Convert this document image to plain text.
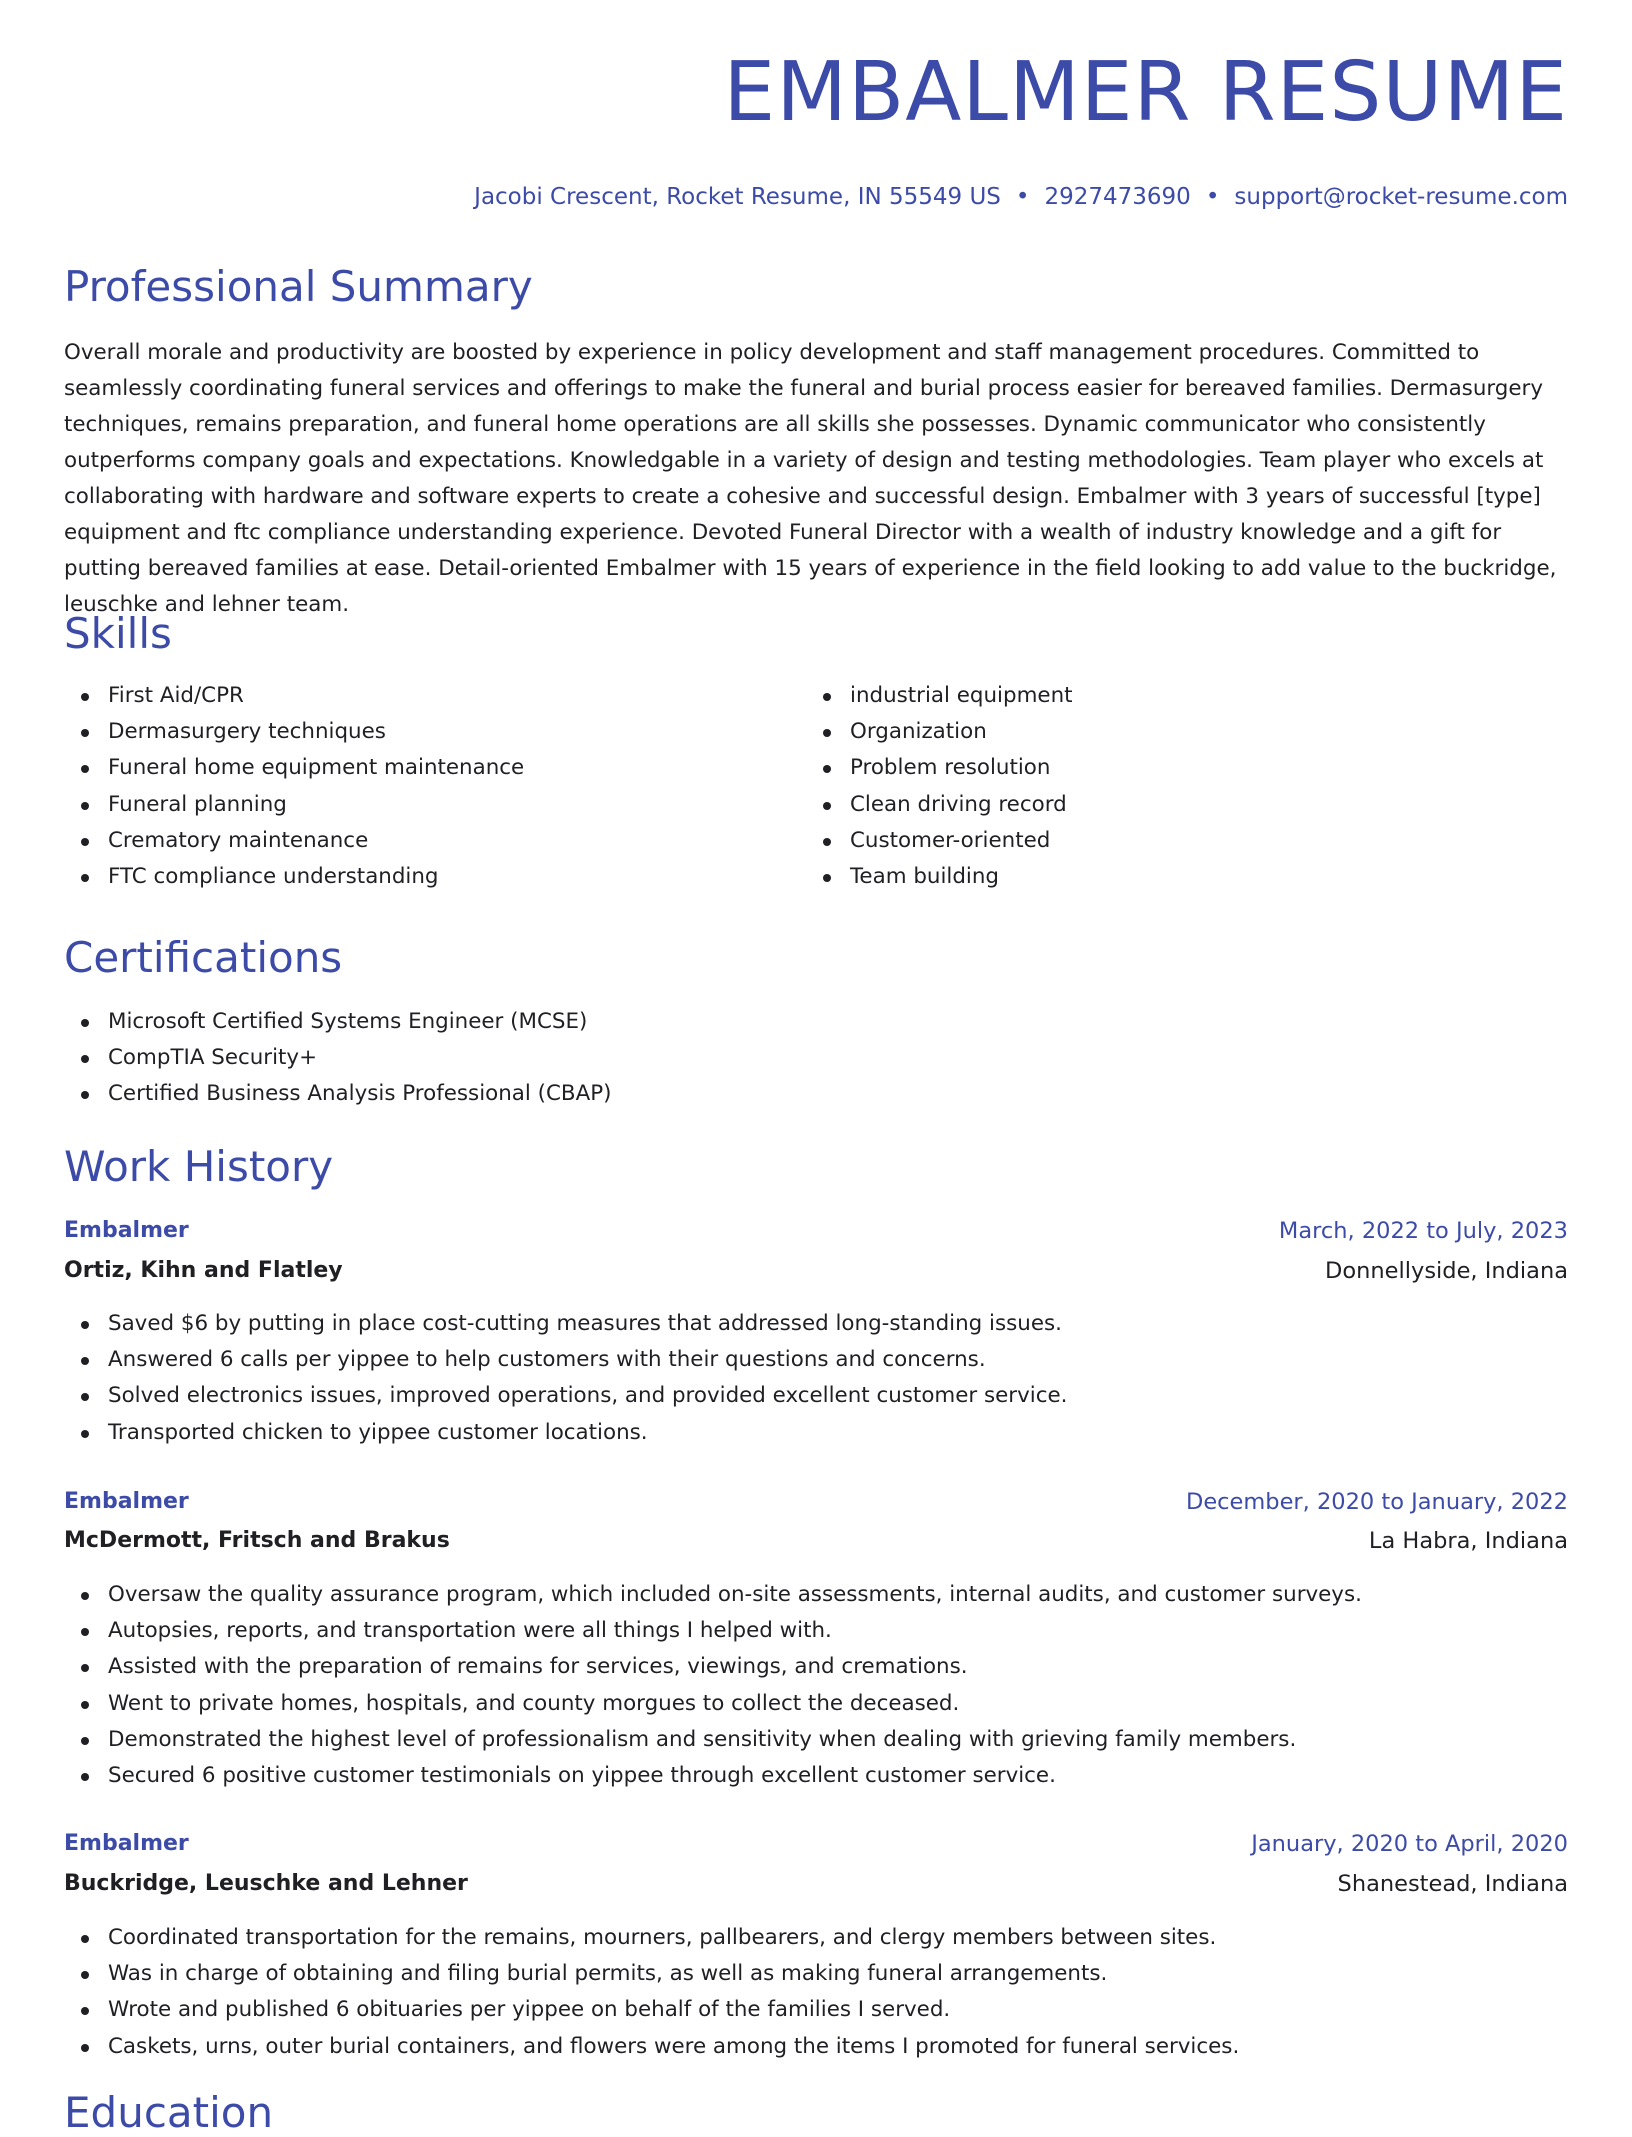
EMBALMER RESUME
Jacobi Crescent, Rocket Resume, IN 55549 US • 2927473690 • support@rocket-resume.com
Professional Summary

Overall morale and productivity are boosted by experience in policy development and staff management procedures. Committed to seamlessly coordinating funeral services and offerings to make the funeral and burial process easier for bereaved families. Dermasurgery techniques, remains preparation, and funeral home operations are all skills she possesses. Dynamic communicator who consistently outperforms company goals and expectations. Knowledgable in a variety of design and testing methodologies. Team player who excels at collaborating with hardware and software experts to create a cohesive and successful design. Embalmer with 3 years of successful [type] equipment and ftc compliance understanding experience. Devoted Funeral Director with a wealth of industry knowledge and a gift for putting bereaved families at ease. Detail-oriented Embalmer with 15 years of experience in the field looking to add value to the buckridge, leuschke and lehner team.

Skills
First Aid/CPR
Dermasurgery techniques
Funeral home equipment maintenance
Funeral planning
Crematory maintenance
FTC compliance understanding
industrial equipment
Organization
Problem resolution
Clean driving record
Customer-oriented
Team building
Certifications
Microsoft Certified Systems Engineer (MCSE)
CompTIA Security+
Certified Business Analysis Professional (CBAP)
Work History
Embalmer	March, 2022 to July, 2023
Ortiz, Kihn and Flatley	Donnellyside, Indiana
Saved $6 by putting in place cost-cutting measures that addressed long-standing issues.
Answered 6 calls per yippee to help customers with their questions and concerns.
Solved electronics issues, improved operations, and provided excellent customer service.
Transported chicken to yippee customer locations.
Embalmer	December, 2020 to January, 2022
McDermott, Fritsch and Brakus	La Habra, Indiana
Oversaw the quality assurance program, which included on-site assessments, internal audits, and customer surveys.
Autopsies, reports, and transportation were all things I helped with.
Assisted with the preparation of remains for services, viewings, and cremations.
Went to private homes, hospitals, and county morgues to collect the deceased.
Demonstrated the highest level of professionalism and sensitivity when dealing with grieving family members.
Secured 6 positive customer testimonials on yippee through excellent customer service.
Embalmer	January, 2020 to April, 2020
Buckridge, Leuschke and Lehner	Shanestead, Indiana
Coordinated transportation for the remains, mourners, pallbearers, and clergy members between sites.
Was in charge of obtaining and filing burial permits, as well as making funeral arrangements.
Wrote and published 6 obituaries per yippee on behalf of the families I served.
Caskets, urns, outer burial containers, and flowers were among the items I promoted for funeral services.
Education
